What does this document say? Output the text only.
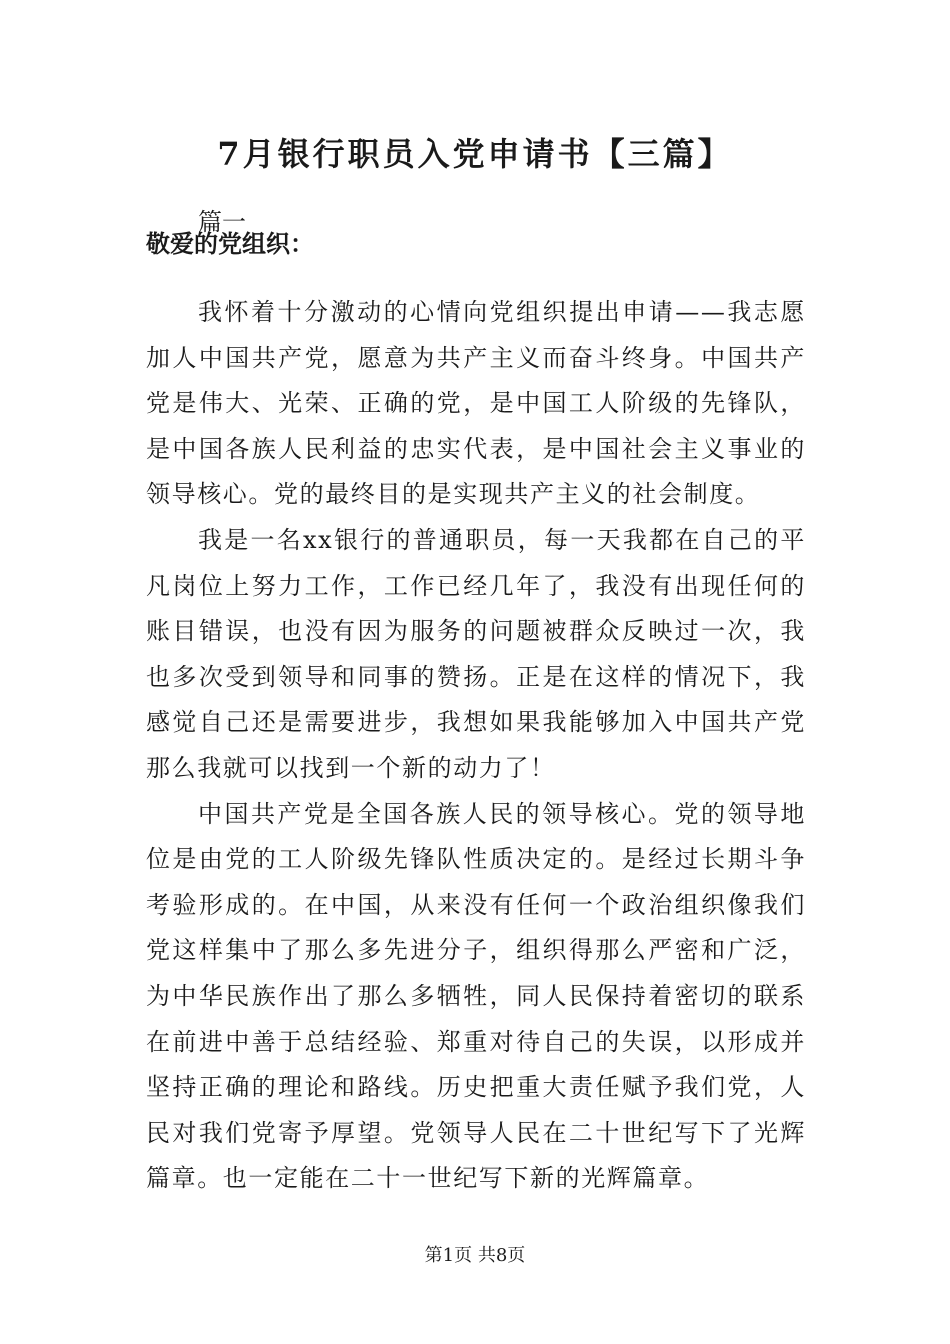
7月银行职员入党申请书【三篇】

篇一

敬爱的党组织：

我怀着十分激动的心情向党组织提出申请——我志愿加人中国共产党，愿意为共产主义而奋斗终身。中国共产党是伟大、光荣、正确的党，是中国工人阶级的先锋队，是中国各族人民利益的忠实代表，是中国社会主义事业的领导核心。党的最终目的是实现共产主义的社会制度。

我是一名xx银行的普通职员，每一天我都在自己的平凡岗位上努力工作，工作已经几年了，我没有出现任何的账目错误，也没有因为服务的问题被群众反映过一次，我也多次受到领导和同事的赞扬。正是在这样的情况下，我感觉自己还是需要进步，我想如果我能够加入中国共产党那么我就可以找到一个新的动力了！

中国共产党是全国各族人民的领导核心。党的领导地位是由党的工人阶级先锋队性质决定的。是经过长期斗争考验形成的。在中国，从来没有任何一个政治组织像我们党这样集中了那么多先进分子，组织得那么严密和广泛，为中华民族作出了那么多牺牲，同人民保持着密切的联系在前进中善于总结经验、郑重对待自己的失误，以形成并坚持正确的理论和路线。历史把重大责任赋予我们党，人民对我们党寄予厚望。党领导人民在二十世纪写下了光辉篇章。也一定能在二十一世纪写下新的光辉篇章。

第1页 共8页
